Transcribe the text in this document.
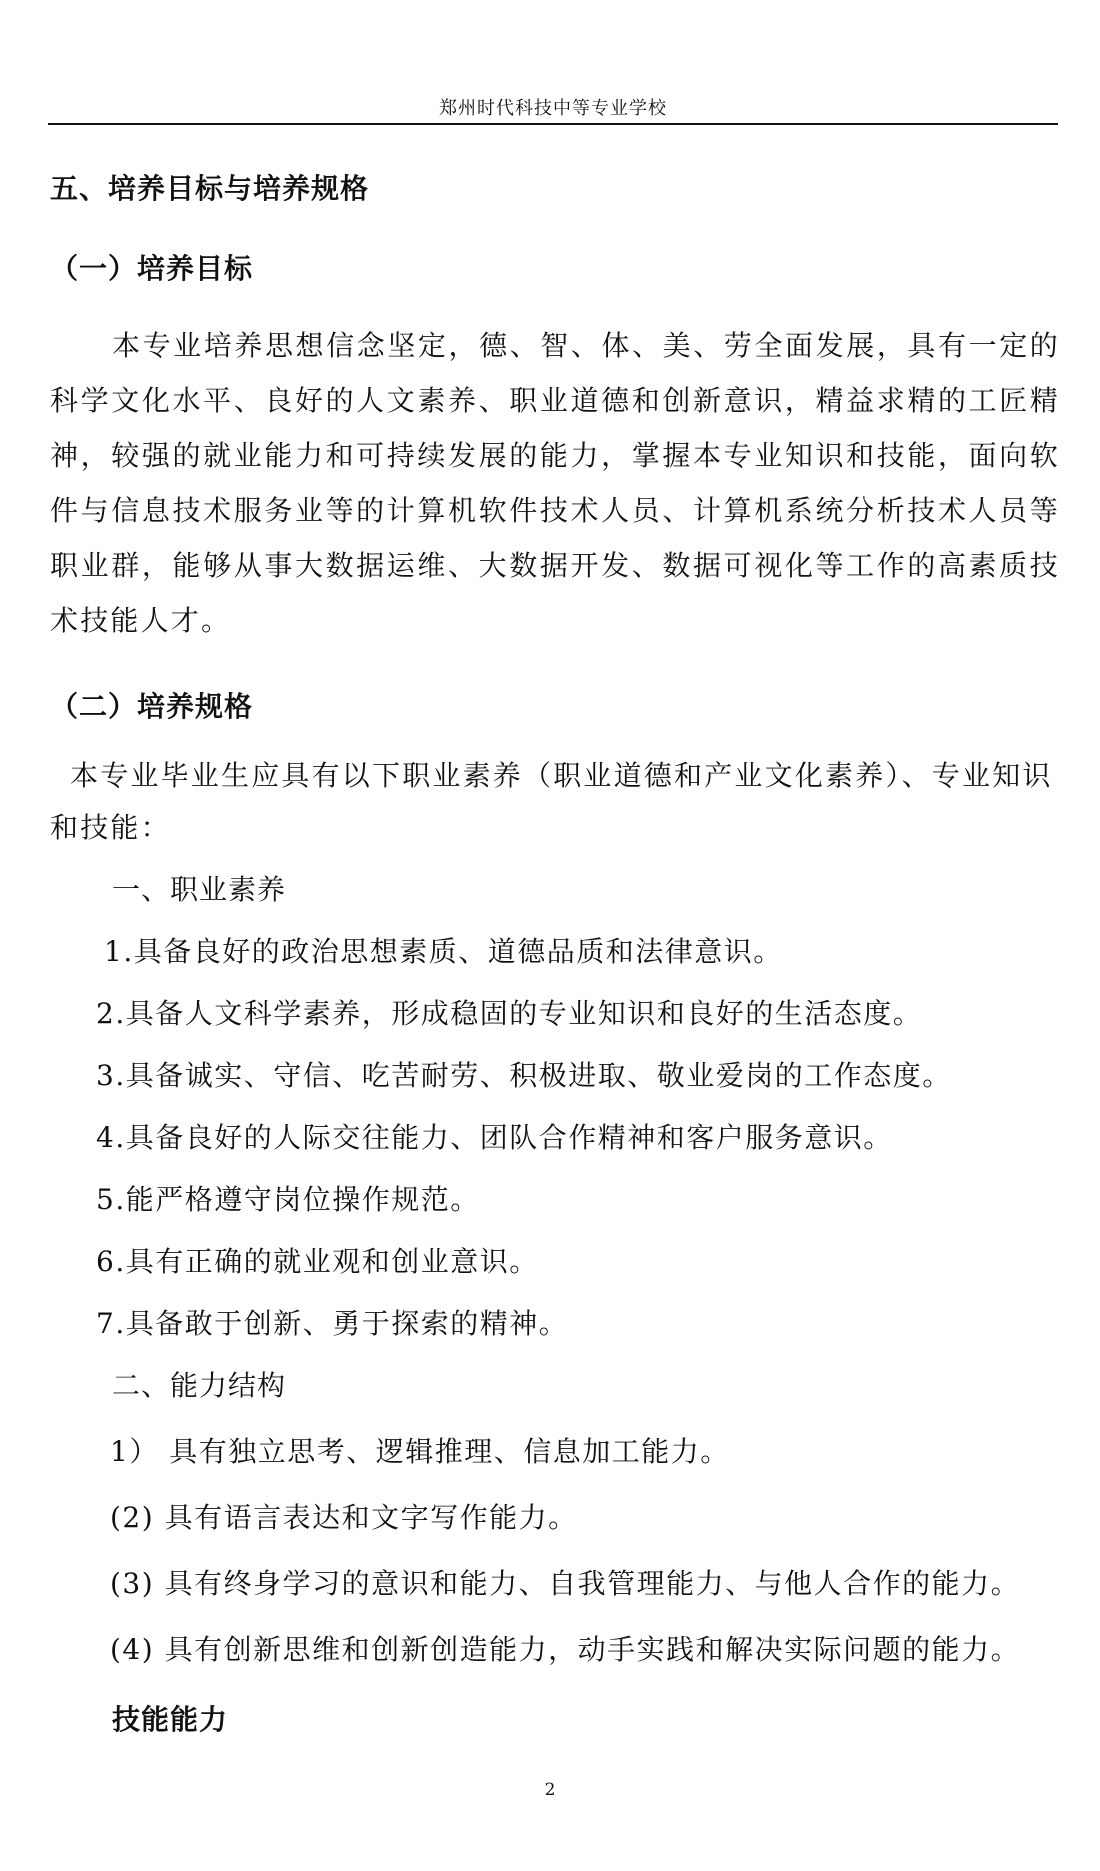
郑州时代科技中等专业学校
五、培养目标与培养规格
（一）培养目标

本专业培养思想信念坚定，德、智、体、美、劳全面发展，具有一定的科学文化水平、良好的人文素养、职业道德和创新意识，精益求精的工匠精神，较强的就业能力和可持续发展的能力，掌握本专业知识和技能，面向软件与信息技术服务业等的计算机软件技术人员、计算机系统分析技术人员等职业群，能够从事大数据运维、大数据开发、数据可视化等工作的高素质技术技能人才。

（二）培养规格

本专业毕业生应具有以下职业素养（职业道德和产业文化素养）、专业知识和技能：

一、职业素养
1.具备良好的政治思想素质、道德品质和法律意识。
2.具备人文科学素养，形成稳固的专业知识和良好的生活态度。
3.具备诚实、守信、吃苦耐劳、积极进取、敬业爱岗的工作态度。
4.具备良好的人际交往能力、团队合作精神和客户服务意识。
5.能严格遵守岗位操作规范。
6.具有正确的就业观和创业意识。
7.具备敢于创新、勇于探索的精神。
二、能力结构
1） 具有独立思考、逻辑推理、信息加工能力。
(2) 具有语言表达和文字写作能力。
(3) 具有终身学习的意识和能力、自我管理能力、与他人合作的能力。
(4) 具有创新思维和创新创造能力，动手实践和解决实际问题的能力。
技能能力
2
